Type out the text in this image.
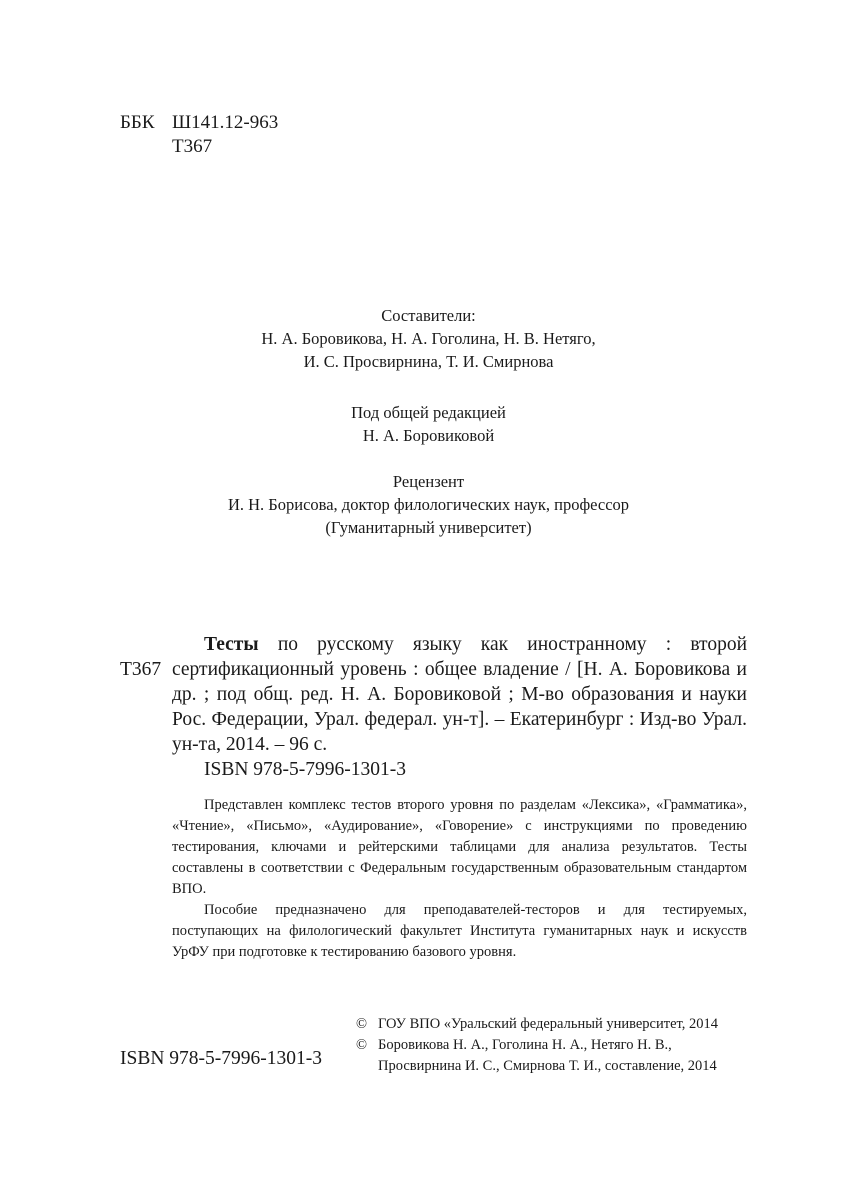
ББК Ш141.12-963
Т367
Составители:
Н. А. Боровикова, Н. А. Гоголина, Н. В. Нетяго,
И. С. Просвирнина, Т. И. Смирнова
Под общей редакцией
Н. А. Боровиковой
Рецензент
И. Н. Борисова, доктор филологических наук, профессор
(Гуманитарный университет)
Т367
Тесты по русскому языку как иностранному : второй сертификационный уровень : общее владение / [Н. А. Боровикова и др. ; под общ. ред. Н. А. Боровиковой ; М-во образования и науки Рос. Федерации, Урал. федерал. ун-т]. – Екатеринбург : Изд-во Урал. ун-та, 2014. – 96 с.
ISBN 978-5-7996-1301-3

Представлен комплекс тестов второго уровня по разделам «Лексика», «Грамматика», «Чтение», «Письмо», «Аудирование», «Говорение» с инструкциями по проведению тестирования, ключами и рейтерскими таблицами для анализа результатов. Тесты составлены в соответствии с Федеральным государственным образовательным стандартом ВПО.

Пособие предназначено для преподавателей-тесторов и для тестируемых, поступающих на филологический факультет Института гуманитарных наук и искусств УрФУ при подготовке к тестированию базового уровня.

© ГОУ ВПО «Уральский федеральный университет, 2014
© Боровикова Н. А., Гоголина Н. А., Нетяго Н. В.,
Просвирнина И. С., Смирнова Т. И., составление, 2014
ISBN 978-5-7996-1301-3
